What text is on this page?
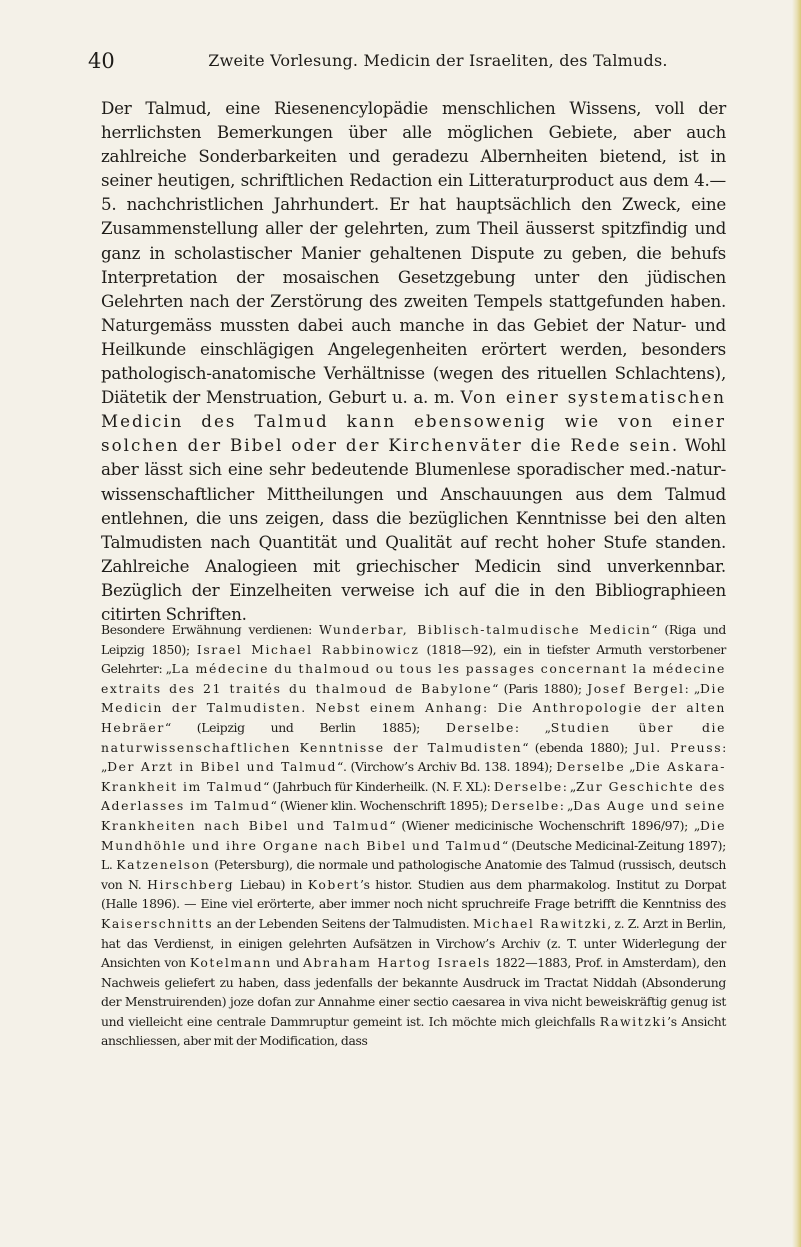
40	Zweite Vorlesung. Medicin der Israeliten, des Talmuds.

Der Talmud, eine Riesenencylopädie menschlichen Wissens, voll der herrlichsten Bemerkungen über alle möglichen Gebiete, aber auch zahlreiche Sonderbarkeiten und geradezu Albernheiten bietend, ist in seiner heutigen, schriftlichen Redaction ein Litteraturproduct aus dem 4.—5. nachchristlichen Jahrhundert. Er hat hauptsächlich den Zweck, eine Zusammenstellung aller der gelehrten, zum Theil äusserst spitzfindig und ganz in scholastischer Manier gehaltenen Dispute zu geben, die behufs Interpretation der mosaischen Gesetzgebung unter den jüdischen Gelehrten nach der Zerstörung des zweiten Tempels stattgefunden haben. Naturgemäss mussten dabei auch manche in das Gebiet der Natur- und Heilkunde einschlägigen Angelegenheiten erörtert werden, besonders pathologisch-anatomische Verhältnisse (wegen des rituellen Schlachtens), Diätetik der Menstruation, Geburt u. a. m. Von einer systematischen Medicin des Talmud kann ebensowenig wie von einer solchen der Bibel oder der Kirchenväter die Rede sein. Wohl aber lässt sich eine sehr bedeutende Blumenlese sporadischer med.-natur-wissenschaftlicher Mittheilungen und Anschauungen aus dem Talmud entlehnen, die uns zeigen, dass die bezüglichen Kenntnisse bei den alten Talmudisten nach Quantität und Qualität auf recht hoher Stufe standen. Zahlreiche Analogieen mit griechischer Medicin sind unverkennbar. Bezüglich der Einzelheiten verweise ich auf die in den Bibliographieen citirten Schriften.

Besondere Erwähnung verdienen: Wunderbar, Biblisch-talmudische Medicin“ (Riga und Leipzig 1850); Israel Michael Rabbinowicz (1818—92), ein in tiefster Armuth verstorbener Gelehrter: „La médecine du thalmoud ou tous les passages concernant la médecine extraits des 21 traités du thalmoud de Babylone“ (Paris 1880); Josef Bergel: „Die Medicin der Talmudisten. Nebst einem Anhang: Die Anthropologie der alten Hebräer“ (Leipzig und Berlin 1885); Derselbe: „Studien über die naturwissenschaftlichen Kenntnisse der Talmudisten“ (ebenda 1880); Jul. Preuss: „Der Arzt in Bibel und Talmud“. (Virchow’s Archiv Bd. 138. 1894); Derselbe „Die Askara-Krankheit im Talmud“ (Jahrbuch für Kinderheilk. (N. F. XL): Derselbe: „Zur Geschichte des Aderlasses im Talmud“ (Wiener klin. Wochenschrift 1895); Derselbe: „Das Auge und seine Krankheiten nach Bibel und Talmud“ (Wiener medicinische Wochenschrift 1896/97); „Die Mundhöhle und ihre Organe nach Bibel und Talmud“ (Deutsche Medicinal-Zeitung 1897); L. Katzenelson (Petersburg), die normale und pathologische Anatomie des Talmud (russisch, deutsch von N. Hirschberg Liebau) in Kobert’s histor. Studien aus dem pharmakolog. Institut zu Dorpat (Halle 1896). — Eine viel erörterte, aber immer noch nicht spruchreife Frage betrifft die Kenntniss des Kaiserschnitts an der Lebenden Seitens der Talmudisten. Michael Rawitzki, z. Z. Arzt in Berlin, hat das Verdienst, in einigen gelehrten Aufsätzen in Virchow’s Archiv (z. T. unter Widerlegung der Ansichten von Kotelmann und Abraham Hartog Israels 1822—1883, Prof. in Amsterdam), den Nachweis geliefert zu haben, dass jedenfalls der bekannte Ausdruck im Tractat Niddah (Absonderung der Menstruirenden) joze dofan zur Annahme einer sectio caesarea in viva nicht beweiskräftig genug ist und vielleicht eine centrale Dammruptur gemeint ist. Ich möchte mich gleichfalls Rawitzki’s Ansicht anschliessen, aber mit der Modification, dass
